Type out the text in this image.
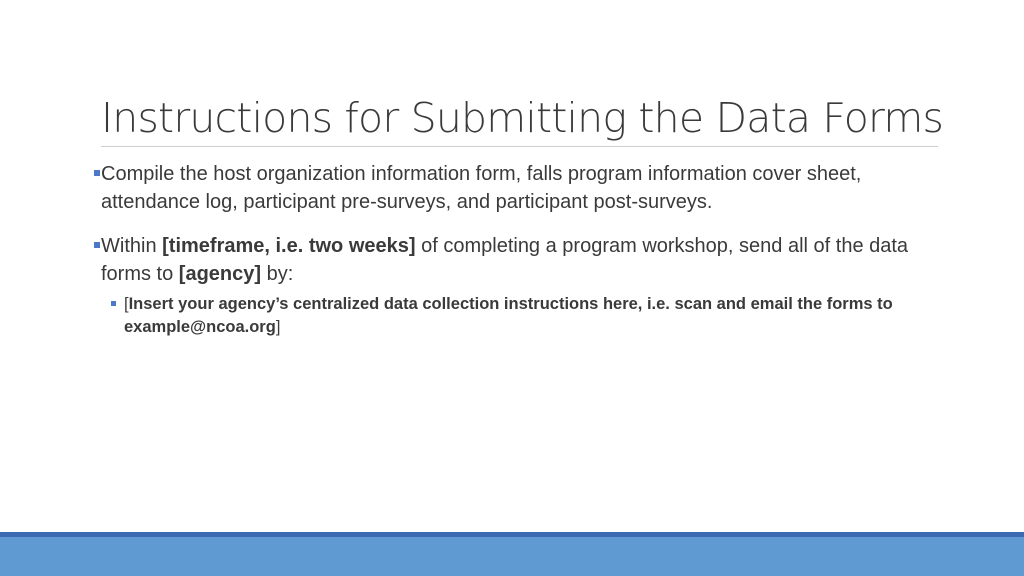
Instructions for Submitting the Data Forms
Compile the host organization information form, falls program information cover sheet, attendance log, participant pre-surveys, and participant post-surveys.
Within [timeframe, i.e. two weeks] of completing a program workshop, send all of the data forms to [agency] by:
[Insert your agency’s centralized data collection instructions here, i.e. scan and email the forms to example@ncoa.org]
